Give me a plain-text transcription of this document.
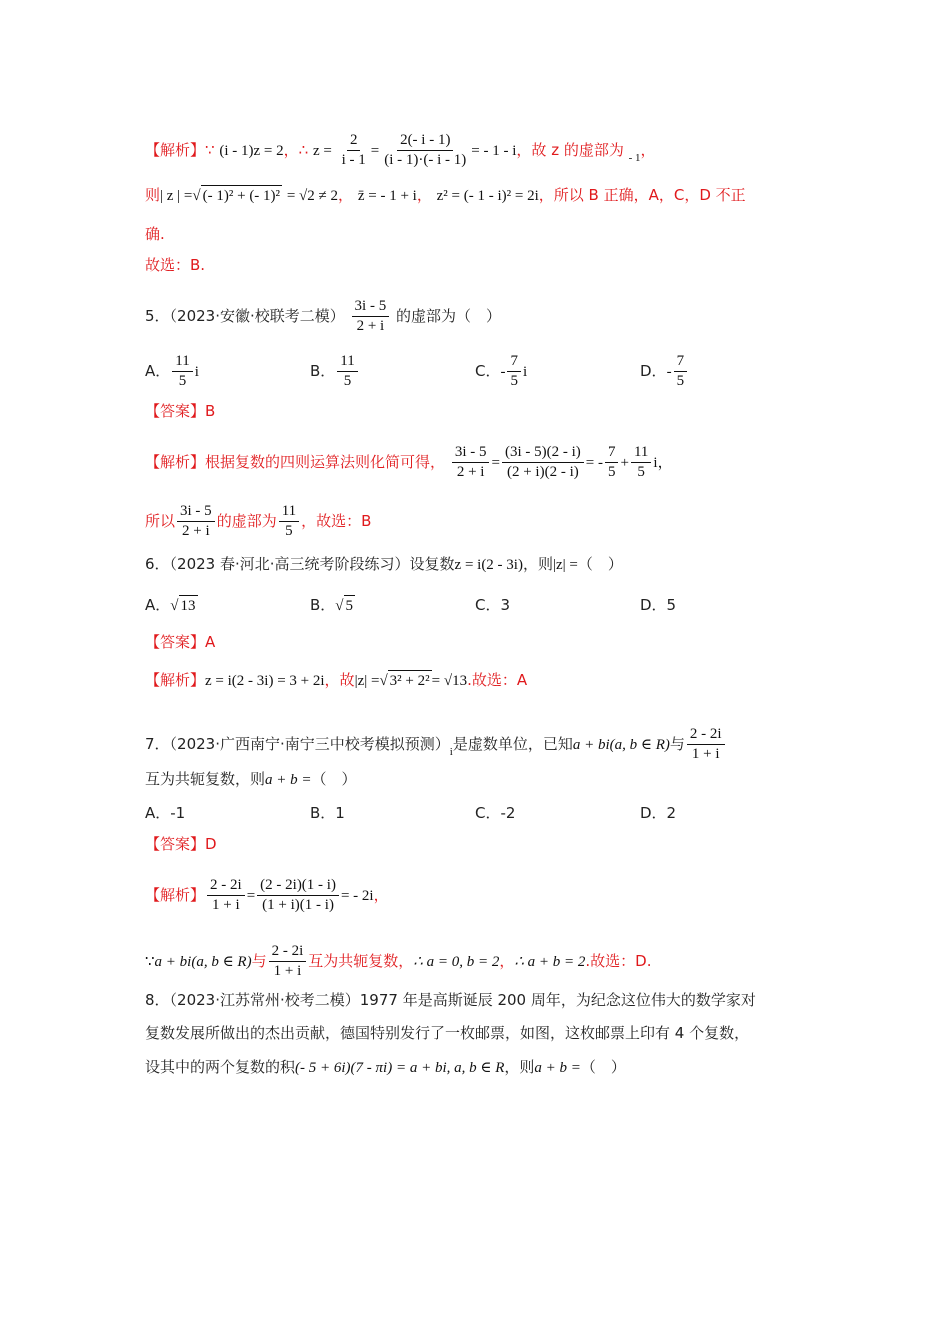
【解析】∵ (i - 1)z = 2，∴ $z = \frac{2}{i - 1} = \frac{2(- i - 1)}{(i - 1)\cdot(- i - 1)}$ = - 1 - i，故 z 的虚部为 $_{- 1}$，
则| z | =√ (- 1)² + (- 1)² = √2 ≠ 2， z̄ = - 1 + i， z² = (- 1 - i)² = 2i，所以 B 正确，A，C，D 不正
确.
故选：B.
5．（2023·安徽·校联考二模） $\frac{3i - 5}{2 + i}$ 的虚部为（　）
A． $\frac{11}{5}$ i	B． $\frac{11}{5}$	C．- $\frac{7}{5}$ i	D．- $\frac{7}{5}$
【答案】B
【解析】根据复数的四则运算法则化简可得， $\frac{3i - 5}{2 + i} = \frac{(3i - 5)(2 - i)}{(2 + i)(2 - i)}$ = - $\frac{7}{5} + \frac{11}{5}$ i，
所以 $\frac{3i - 5}{2 + i}$ 的虚部为 $\frac{11}{5}$ ，故选：B
6．（2023 春·河北·高三统考阶段练习）设复数z = i(2 - 3i)，则|z| =（　）
A．√ 13	B．√ 5	C．3	D．5
【答案】A
【解析】z = i(2 - 3i) = 3 + 2i，故|z| =√ 3² + 2² = √13.故选：A
7．（2023·广西南宁·南宁三中校考模拟预测）$_i$是虚数单位，已知a + bi(a, b ∈ R)与 $\frac{2 - 2i}{1 + i}$
互为共轭复数，则a + b =（　）
A．-1	B．1	C．-2	D．2
【答案】D
【解析】 $\frac{2 - 2i}{1 + i} = \frac{(2 - 2i)(1 - i)}{(1 + i)(1 - i)}$ = - 2i，
∵a + bi(a, b ∈ R)与 $\frac{2 - 2i}{1 + i}$ 互为共轭复数，∴ a = 0, b = 2，∴ a + b = 2.故选：D.
8．（2023·江苏常州·校考二模）1977 年是高斯诞辰 200 周年，为纪念这位伟大的数学家对
复数发展所做出的杰出贡献，德国特别发行了一枚邮票，如图，这枚邮票上印有 4 个复数，
设其中的两个复数的积(- 5 + 6i)(7 - πi) = a + bi, a, b ∈ R，则a + b =（　）
